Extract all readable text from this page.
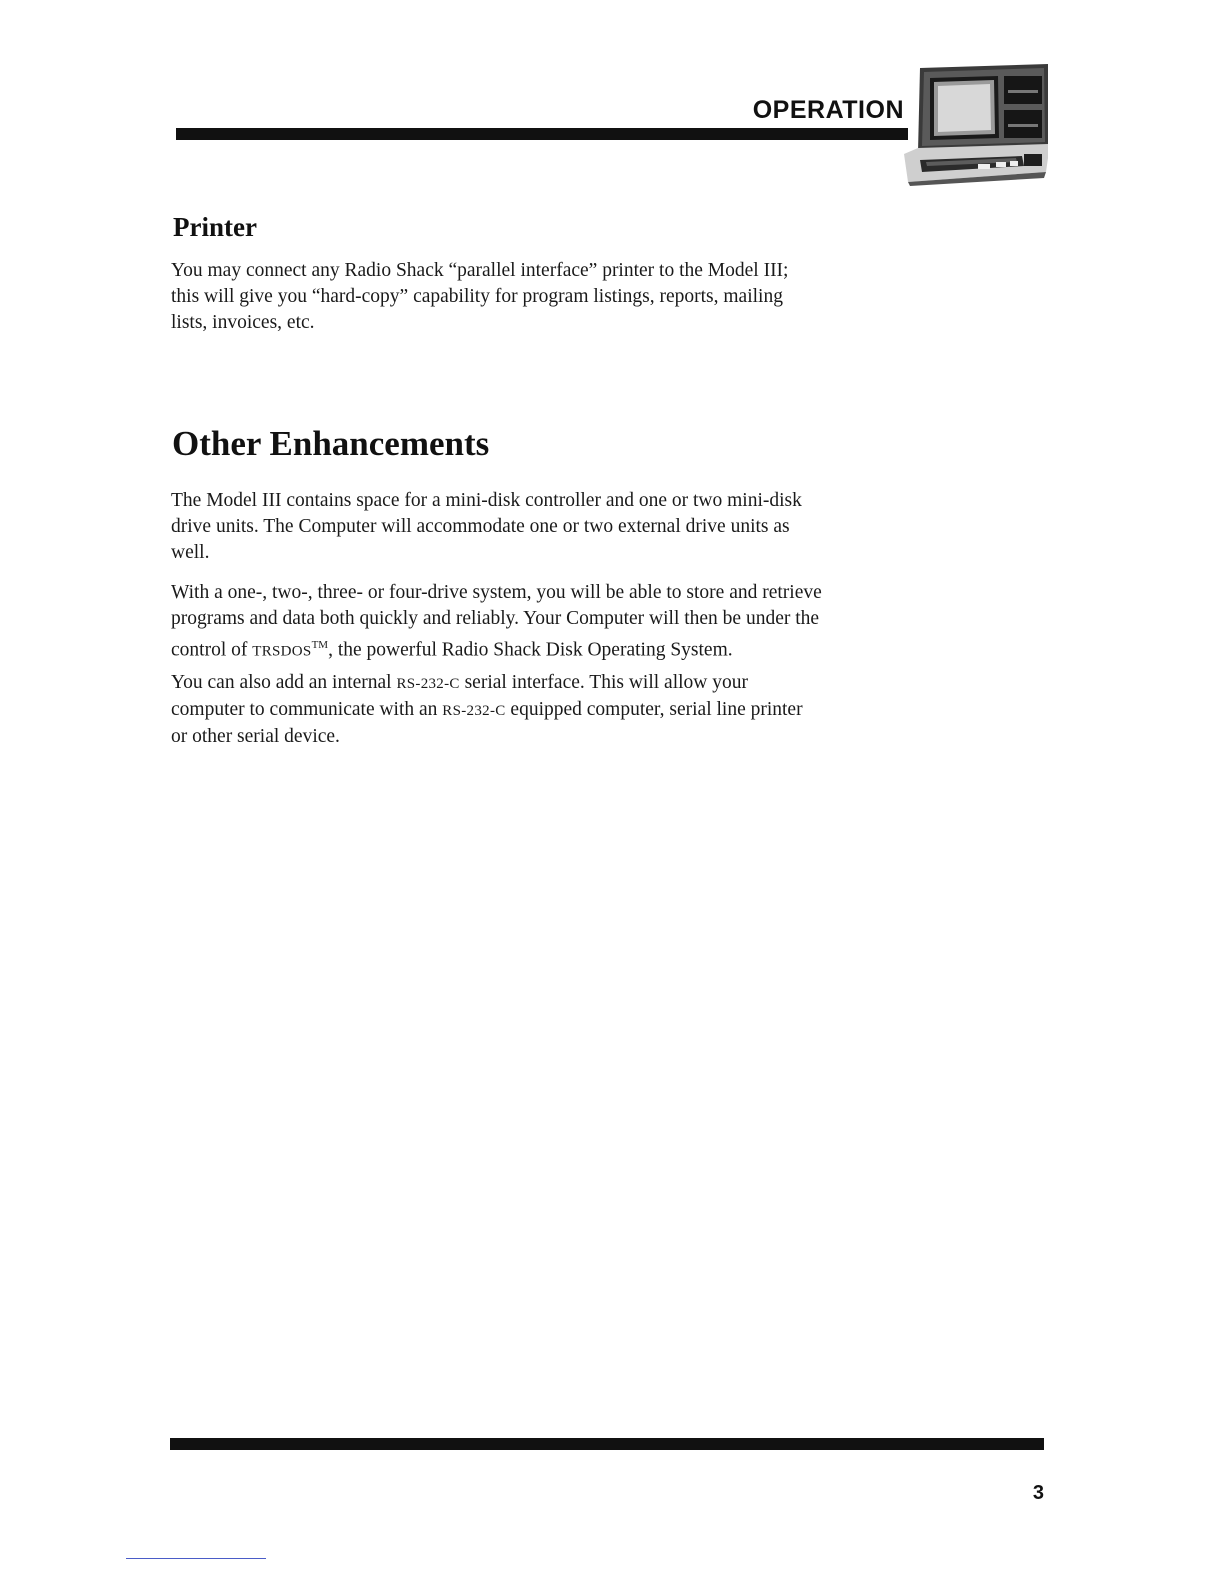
OPERATION
Printer

You may connect any Radio Shack “parallel interface” printer to the Model III;
this will give you “hard-copy” capability for program listings, reports, mailing
lists, invoices, etc.

Other Enhancements

The Model III contains space for a mini-disk controller and one or two mini-disk
drive units. The Computer will accommodate one or two external drive units as
well.

With a one-, two-, three- or four-drive system, you will be able to store and retrieve
programs and data both quickly and reliably. Your Computer will then be under the
control of TRSDOS™, the powerful Radio Shack Disk Operating System.

You can also add an internal RS-232-C serial interface. This will allow your
computer to communicate with an RS-232-C equipped computer, serial line printer
or other serial device.

3
